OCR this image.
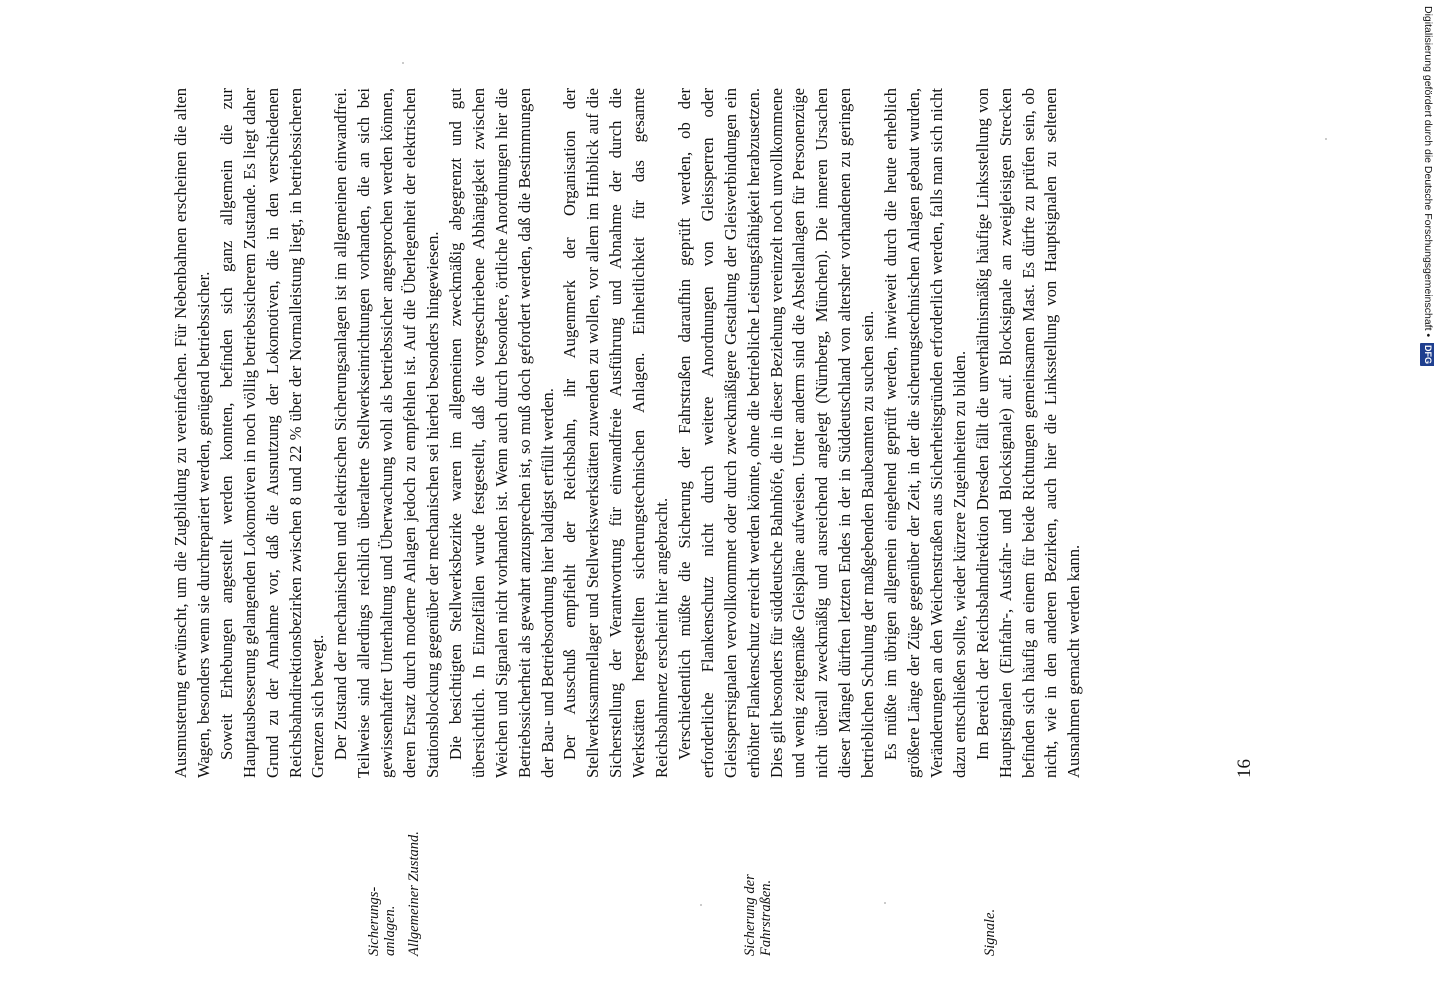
Ausmusterung erwünscht, um die Zugbildung zu vereinfachen. Für Nebenbahnen erscheinen die alten Wagen, besonders wenn sie durchrepariert werden, genügend betriebssicher. Soweit Erhebungen angestellt werden konnten, befinden sich ganz allgemein die zur Hauptausbesserung gelangenden Lokomotiven in noch völlig betriebssicherem Zustande. Es liegt daher Grund zu der Annahme vor, daß die Ausnutzung der Lokomotiven, die in den verschiedenen Reichsbahndirektionsbezirken zwischen 8 und 22 % über der Normalleistung liegt, in betriebssicheren Grenzen sich bewegt. Der Zustand der mechanischen und elektrischen Sicherungsanlagen ist im allgemeinen einwandfrei. Teilweise sind allerdings reichlich überalterte Stellwerkseinrichtungen vorhanden, die an sich bei gewissenhafter Unterhaltung und Überwachung wohl als betriebssicher angesprochen werden können, deren Ersatz durch moderne Anlagen jedoch zu empfehlen ist. Auf die Überlegenheit der elektrischen Stationsblockung gegenüber der mechanischen sei hierbei besonders hingewiesen. Die besichtigten Stellwerksbezirke waren im allgemeinen zweckmäßig abgegrenzt und gut übersichtlich. In Einzelfällen wurde festgestellt, daß die vorgeschriebene Abhängigkeit zwischen Weichen und Signalen nicht vorhanden ist. Wenn auch durch besondere, örtliche Anordnungen hier die Betriebssicherheit als gewahrt anzusprechen ist, so muß doch gefordert werden, daß die Bestimmungen der Bau- und Betriebsordnung hier baldigst erfüllt werden. Der Ausschuß empfiehlt der Reichsbahn, ihr Augenmerk der Organisation der Stellwerkssammellager und Stellwerkswerkstätten zuwenden zu wollen, vor allem im Hinblick auf die Sicherstellung der Verantwortung für einwandfreie Ausführung und Abnahme der durch die Werkstätten hergestellten sicherungstechnischen Anlagen. Einheitlichkeit für das gesamte Reichsbahnnetz erscheint hier angebracht. Verschiedentlich müßte die Sicherung der Fahrstraßen daraufhin geprüft werden, ob der erforderliche Flankenschutz nicht durch weitere Anordnungen von Gleissperren oder Gleissperrsignalen vervollkommnet oder durch zweckmäßigere Gestaltung der Gleisverbindungen ein erhöhter Flankenschutz erreicht werden könnte, ohne die betriebliche Leistungsfähigkeit herabzusetzen. Dies gilt besonders für süddeutsche Bahnhöfe, die in dieser Beziehung vereinzelt noch unvollkommene und wenig zeitgemäße Gleispläne aufweisen. Unter anderm sind die Abstellanlagen für Personenzüge nicht überall zweckmäßig und ausreichend angelegt (Nürnberg, München). Die inneren Ursachen dieser Mängel dürften letzten Endes in der in Süddeutschland von altersher vorhandenen zu geringen betrieblichen Schulung der maßgebenden Baubeamten zu suchen sein. Es müßte im übrigen allgemein eingehend geprüft werden, inwieweit durch die heute erheblich größere Länge der Züge gegenüber der Zeit, in der die sicherungstechnischen Anlagen gebaut wurden, Veränderungen an den Weichenstraßen aus Sicherheitsgründen erforderlich werden, falls man sich nicht dazu entschließen sollte, wieder kürzere Zugeinheiten zu bilden. Im Bereich der Reichsbahndirektion Dresden fällt die unverhältnismäßig häufige Linksstellung von Hauptsignalen (Einfahr-, Ausfahr- und Blocksignale) auf. Blocksignale an zweigleisigen Strecken befinden sich häufig an einem für beide Richtungen gemeinsamen Mast. Es dürfte zu prüfen sein, ob nicht, wie in den anderen Bezirken, auch hier die Linksstellung von Hauptsignalen zu seltenen Ausnahmen gemacht werden kann.

Sicherungs-
anlagen. Allgemeiner Zustand.	Sicherung der
Fahrstraßen.	Signale.
16
DFG Digitalisierung gefördert durch die Deutsche Forschungsgemeinschaft •
